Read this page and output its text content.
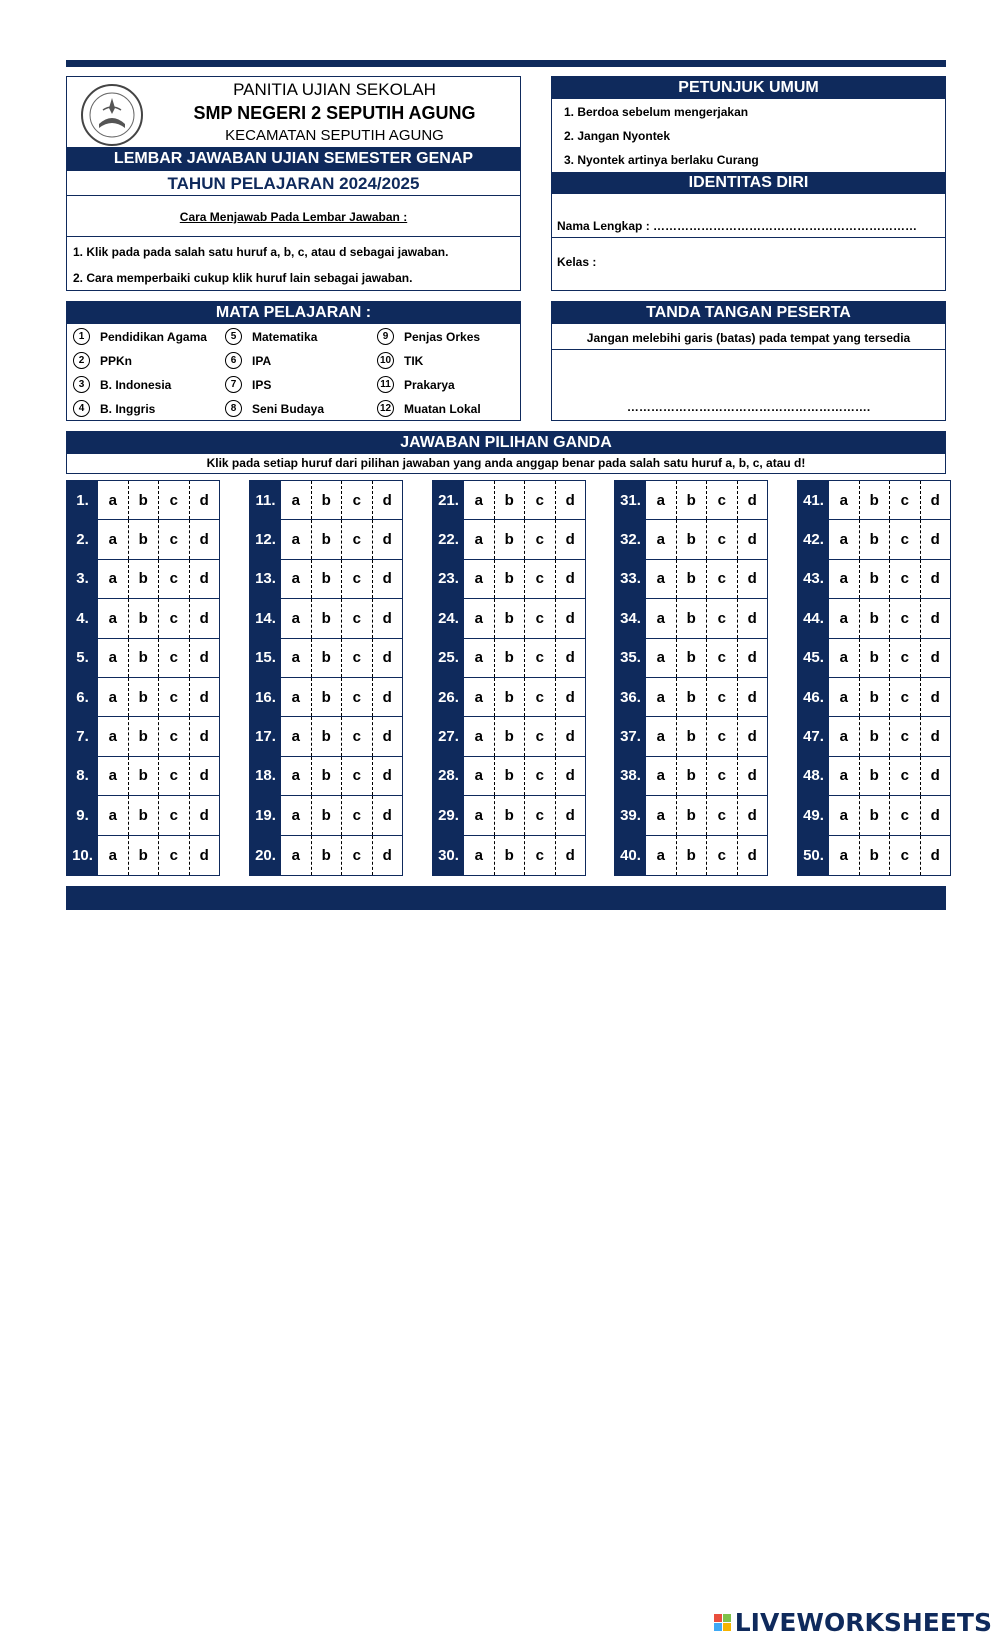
PANITIA UJIAN SEKOLAH
SMP NEGERI 2 SEPUTIH AGUNG
KECAMATAN SEPUTIH AGUNG
LEMBAR JAWABAN UJIAN SEMESTER GENAP
TAHUN PELAJARAN 2024/2025
Cara Menjawab Pada Lembar Jawaban :
1. Klik pada pada salah satu huruf a, b, c, atau d sebagai jawaban.
2. Cara memperbaiki cukup klik huruf lain sebagai jawaban.
PETUNJUK UMUM
1. Berdoa sebelum mengerjakan
2. Jangan Nyontek
3. Nyontek artinya berlaku Curang
IDENTITAS DIRI
Nama Lengkap : …………………………………………………………
Kelas :
MATA PELAJARAN :
1	Pendidikan Agama
2	PPKn
3	B. Indonesia
4	B. Inggris
5	Matematika
6	IPA
7	IPS
8	Seni Budaya
9	Penjas Orkes
10 TIK
11 Prakarya
12 Muatan Lokal
TANDA TANGAN PESERTA
Jangan melebihi garis (batas) pada tempat yang tersedia
…………………………………………………….
JAWABAN PILIHAN GANDA
Klik pada setiap huruf dari pilihan jawaban yang anda anggap benar pada salah satu huruf a, b, c, atau d!
1.	a	b	c	d
2.	a	b	c	d
3.	a	b	c	d
4.	a	b	c	d
5.	a	b	c	d
6.	a	b	c	d
7.	a	b	c	d
8.	a	b	c	d
9.	a	b	c	d
10.	a	b	c	d
11.	a	b	c	d
12.	a	b	c	d
13.	a	b	c	d
14.	a	b	c	d
15.	a	b	c	d
16.	a	b	c	d
17.	a	b	c	d
18.	a	b	c	d
19.	a	b	c	d
20.	a	b	c	d
21.	a	b	c	d
22.	a	b	c	d
23.	a	b	c	d
24.	a	b	c	d
25.	a	b	c	d
26.	a	b	c	d
27.	a	b	c	d
28.	a	b	c	d
29.	a	b	c	d
30.	a	b	c	d
31.	a	b	c	d
32.	a	b	c	d
33.	a	b	c	d
34.	a	b	c	d
35.	a	b	c	d
36.	a	b	c	d
37.	a	b	c	d
38.	a	b	c	d
39.	a	b	c	d
40.	a	b	c	d
41.	a	b	c	d
42.	a	b	c	d
43.	a	b	c	d
44.	a	b	c	d
45.	a	b	c	d
46.	a	b	c	d
47.	a	b	c	d
48.	a	b	c	d
49.	a	b	c	d
50.	a	b	c	d
LIVEWORKSHEETS
